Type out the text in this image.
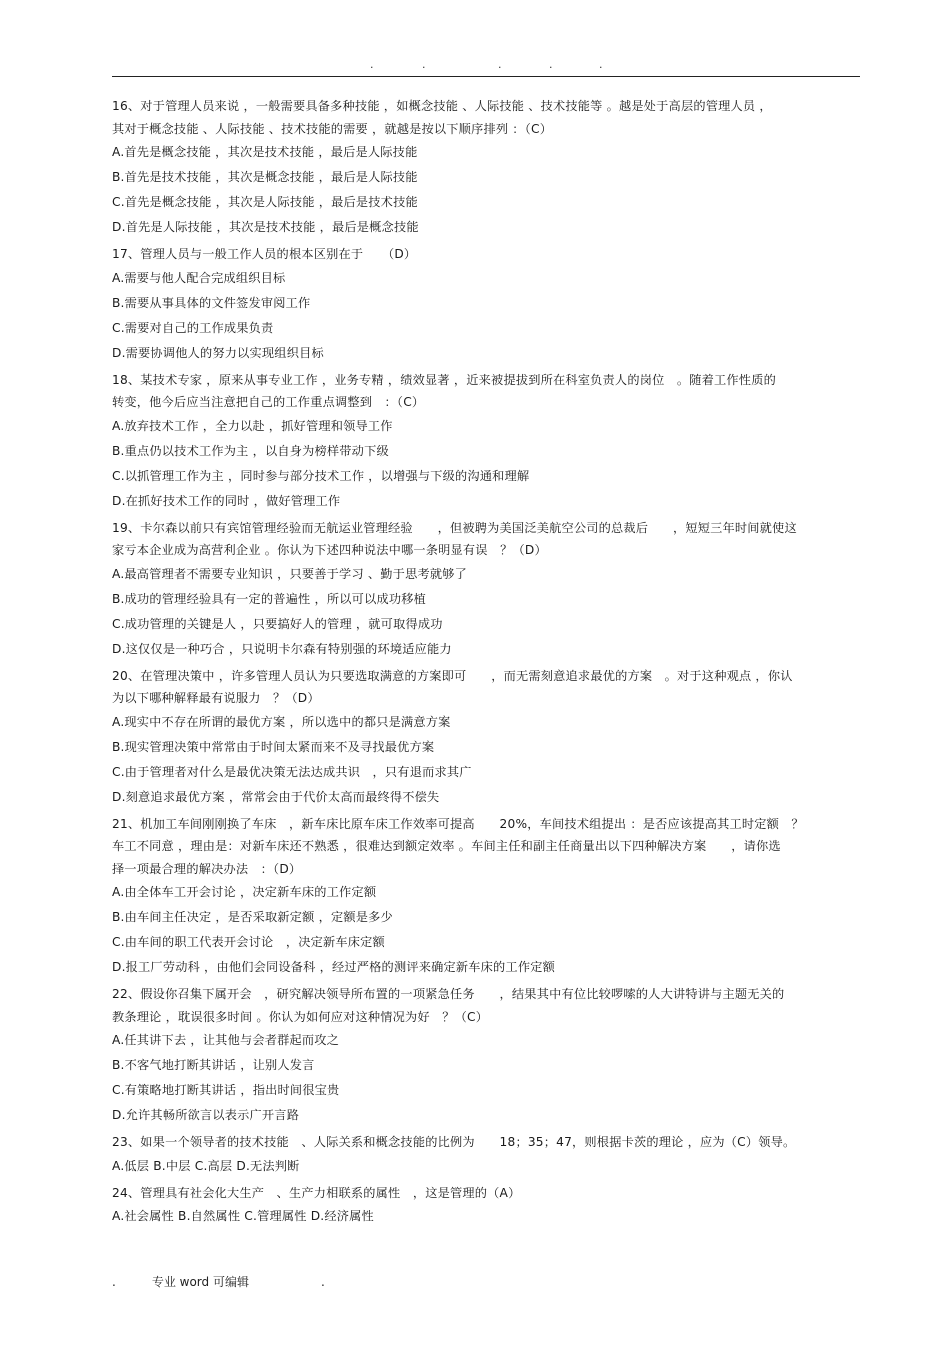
.	.	.	.	.
16、对于管理人员来说 ，一般需要具备多种技能 ，如概念技能 、人际技能 、技术技能等 。越是处于高层的管理人员 ，
其对于概念技能 、人际技能 、技术技能的需要 ，就越是按以下顺序排列 ：（C）
A.首先是概念技能 ，其次是技术技能 ，最后是人际技能
B.首先是技术技能 ，其次是概念技能 ，最后是人际技能
C.首先是概念技能 ，其次是人际技能 ，最后是技术技能
D.首先是人际技能 ，其次是技术技能 ，最后是概念技能
17、管理人员与一般工作人员的根本区别在于　　（D）
A.需要与他人配合完成组织目标
B.需要从事具体的文件签发审阅工作
C.需要对自己的工作成果负责
D.需要协调他人的努力以实现组织目标
18、某技术专家 ，原来从事专业工作 ，业务专精 ，绩效显著 ，近来被提拔到所在科室负责人的岗位　。随着工作性质的
转变，他今后应当注意把自己的工作重点调整到　：（C）
A.放弃技术工作 ，全力以赴 ，抓好管理和领导工作
B.重点仍以技术工作为主 ，以自身为榜样带动下级
C.以抓管理工作为主 ，同时参与部分技术工作 ，以增强与下级的沟通和理解
D.在抓好技术工作的同时 ，做好管理工作
19、卡尔森以前只有宾馆管理经验而无航运业管理经验　　，但被聘为美国泛美航空公司的总裁后　　，短短三年时间就使这
家亏本企业成为高营利企业 。你认为下述四种说法中哪一条明显有误　？（D）
A.最高管理者不需要专业知识 ，只要善于学习 、勤于思考就够了
B.成功的管理经验具有一定的普遍性 ，所以可以成功移植
C.成功管理的关键是人 ，只要搞好人的管理 ，就可取得成功
D.这仅仅是一种巧合 ，只说明卡尔森有特别强的环境适应能力
20、在管理决策中 ，许多管理人员认为只要选取满意的方案即可　　，而无需刻意追求最优的方案　。对于这种观点 ，你认
为以下哪种解释最有说服力　？（D）
A.现实中不存在所谓的最优方案 ，所以选中的都只是满意方案
B.现实管理决策中常常由于时间太紧而来不及寻找最优方案
C.由于管理者对什么是最优决策无法达成共识　，只有退而求其广
D.刻意追求最优方案 ，常常会由于代价太高而最终得不偿失
21、机加工车间刚刚换了车床　，新车床比原车床工作效率可提高　　20%，车间技术组提出 ：是否应该提高其工时定额　？
车工不同意 ，理由是：对新车床还不熟悉 ，很难达到额定效率 。车间主任和副主任商量出以下四种解决方案　　，请你选
择一项最合理的解决办法　：（D）
A.由全体车工开会讨论 ，决定新车床的工作定额
B.由车间主任决定 ，是否采取新定额 ，定额是多少
C.由车间的职工代表开会讨论　，决定新车床定额
D.报工厂劳动科 ，由他们会同设备科 ，经过严格的测评来确定新车床的工作定额
22、假设你召集下属开会　，研究解决领导所布置的一项紧急任务　　，结果其中有位比较啰嗦的人大讲特讲与主题无关的
教条理论 ，耽误很多时间 。你认为如何应对这种情况为好　？（C）
A.任其讲下去 ，让其他与会者群起而攻之
B.不客气地打断其讲话 ，让别人发言
C.有策略地打断其讲话 ，指出时间很宝贵
D.允许其畅所欲言以表示广开言路
23、如果一个领导者的技术技能　、人际关系和概念技能的比例为　　18；35；47，则根据卡茨的理论 ，应为（C）领导。
A.低层 B.中层 C.高层 D.无法判断
24、管理具有社会化大生产　、生产力相联系的属性　，这是管理的（A）
A.社会属性 B.自然属性 C.管理属性 D.经济属性
.　　　专业 word 可编辑　　　　　　.
